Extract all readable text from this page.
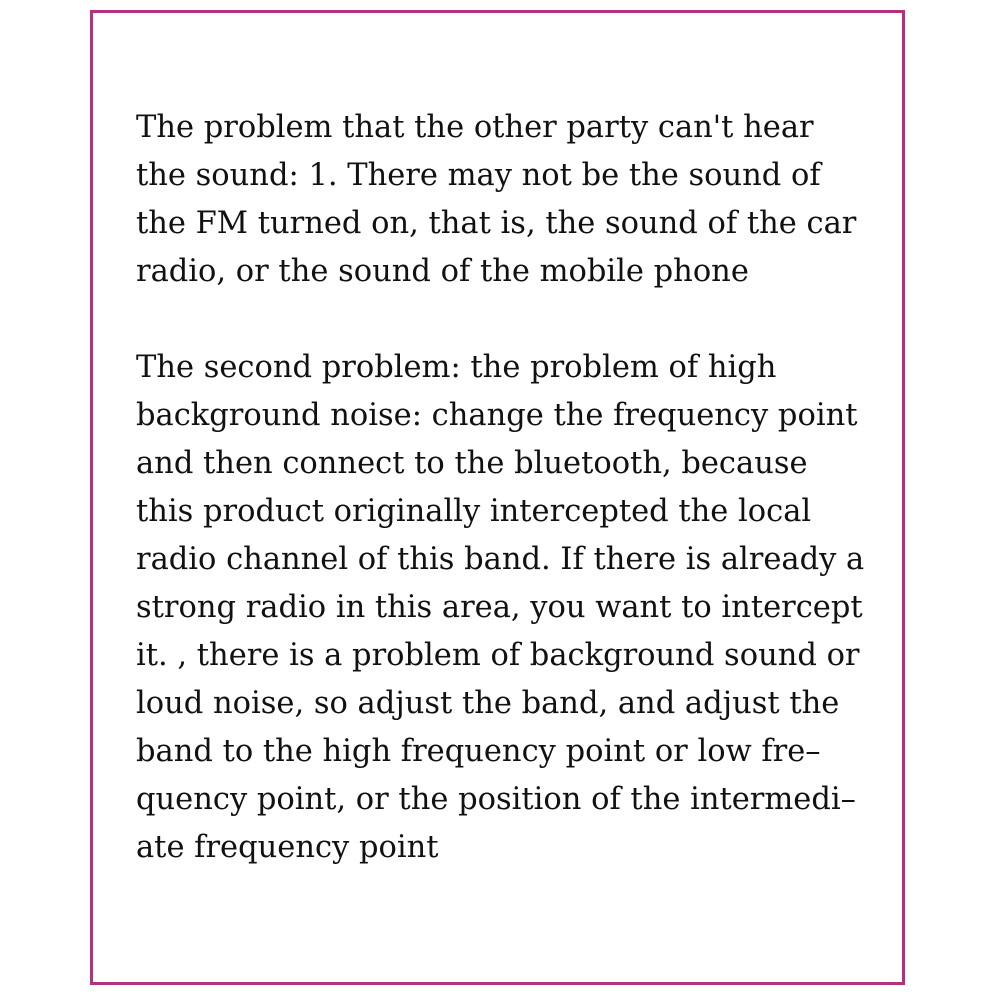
The problem that the other party can't hear
the sound: 1. There may not be the sound of
the FM turned on, that is, the sound of the car
radio, or the sound of the mobile phone
The second problem: the problem of high
background noise: change the frequency point
and then connect to the bluetooth, because
this product originally intercepted the local
radio channel of this band. If there is already a
strong radio in this area, you want to intercept
it. , there is a problem of background sound or
loud noise, so adjust the band, and adjust the
band to the high frequency point or low fre–
quency point, or the position of the intermedi–
ate frequency point
